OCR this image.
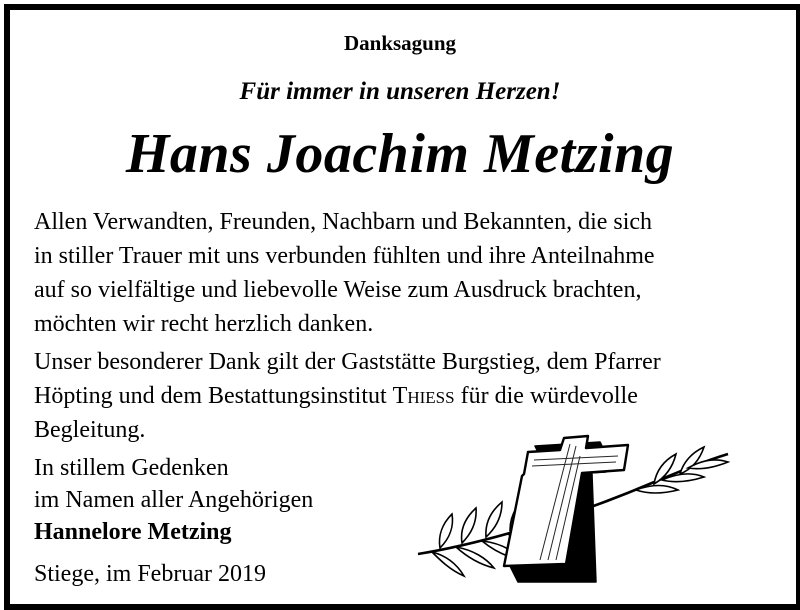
Danksagung
Für immer in unseren Herzen!
Hans Joachim Metzing
Allen Verwandten, Freunden, Nachbarn und Bekannten, die sich
in stiller Trauer mit uns verbunden fühlten und ihre Anteilnahme
auf so vielfältige und liebevolle Weise zum Ausdruck brachten,
möchten wir recht herzlich danken.
Unser besonderer Dank gilt der Gaststätte Burgstieg, dem Pfarrer
Höpting und dem Bestattungsinstitut Thieß für die würdevolle
Begleitung.
In stillem Gedenken
im Namen aller Angehörigen
Hannelore Metzing
Stiege, im Februar 2019
